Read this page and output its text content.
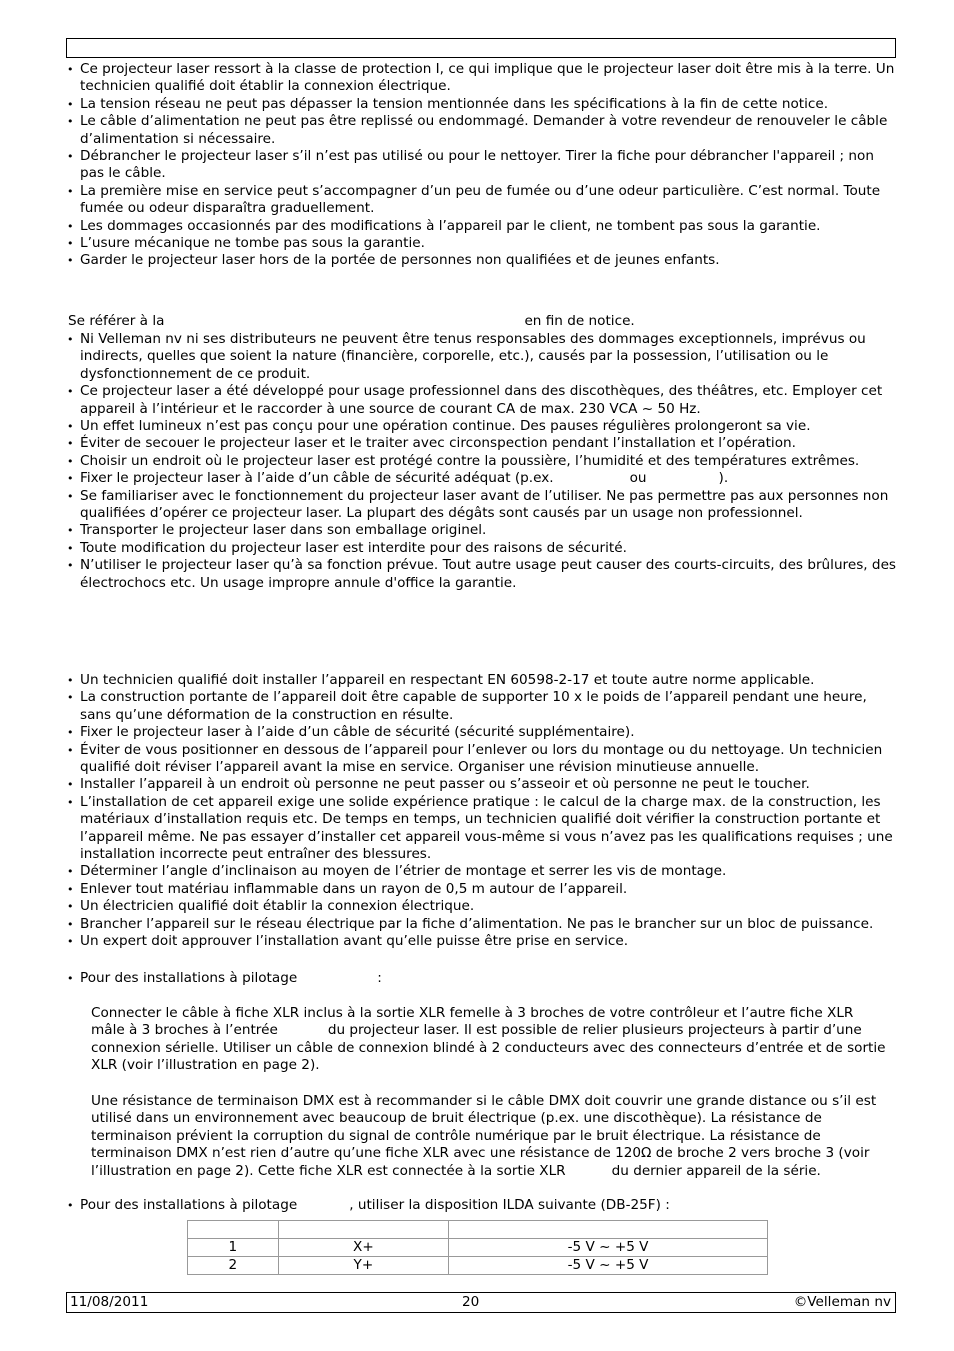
• Ce projecteur laser ressort à la classe de protection I, ce qui implique que le projecteur laser doit être mis à la terre. Un technicien qualifié doit établir la connexion électrique.
• La tension réseau ne peut pas dépasser la tension mentionnée dans les spécifications à la fin de cette notice.
• Le câble d’alimentation ne peut pas être replissé ou endommagé. Demander à votre revendeur de renouveler le câble d’alimentation si nécessaire.
• Débrancher le projecteur laser s’il n’est pas utilisé ou pour le nettoyer. Tirer la fiche pour débrancher l'appareil ; non pas le câble.
• La première mise en service peut s’accompagner d’un peu de fumée ou d’une odeur particulière. C’est normal. Toute fumée ou odeur disparaîtra graduellement.
• Les dommages occasionnés par des modifications à l’appareil par le client, ne tombent pas sous la garantie.
• L’usure mécanique ne tombe pas sous la garantie.
• Garder le projecteur laser hors de la portée de personnes non qualifiées et de jeunes enfants.
Se référer à la	en fin de notice.
• Ni Velleman nv ni ses distributeurs ne peuvent être tenus responsables des dommages exceptionnels, imprévus ou indirects, quelles que soient la nature (financière, corporelle, etc.), causés par la possession, l’utilisation ou le dysfonctionnement de ce produit.
• Ce projecteur laser a été développé pour usage professionnel dans des discothèques, des théâtres, etc. Employer cet appareil à l’intérieur et le raccorder à une source de courant CA de max. 230 VCA ~ 50 Hz.
• Un effet lumineux n’est pas conçu pour une opération continue. Des pauses régulières prolongeront sa vie.
• Éviter de secouer le projecteur laser et le traiter avec circonspection pendant l’installation et l’opération.
• Choisir un endroit où le projecteur laser est protégé contre la poussière, l’humidité et des températures extrêmes.
• Fixer le projecteur laser à l’aide d’un câble de sécurité adéquat (p.ex.	ou	).
• Se familiariser avec le fonctionnement du projecteur laser avant de l’utiliser. Ne pas permettre pas aux personnes non qualifiées d’opérer ce projecteur laser. La plupart des dégâts sont causés par un usage non professionnel.
• Transporter le projecteur laser dans son emballage originel.
• Toute modification du projecteur laser est interdite pour des raisons de sécurité.
• N’utiliser le projecteur laser qu’à sa fonction prévue. Tout autre usage peut causer des courts-circuits, des brûlures, des électrochocs etc. Un usage impropre annule d'office la garantie.
• Un technicien qualifié doit installer l’appareil en respectant EN 60598-2-17 et toute autre norme applicable.
• La construction portante de l’appareil doit être capable de supporter 10 x le poids de l’appareil pendant une heure, sans qu’une déformation de la construction en résulte.
• Fixer le projecteur laser à l’aide d’un câble de sécurité (sécurité supplémentaire).
• Éviter de vous positionner en dessous de l’appareil pour l’enlever ou lors du montage ou du nettoyage. Un technicien qualifié doit réviser l’appareil avant la mise en service. Organiser une révision minutieuse annuelle.
• Installer l’appareil à un endroit où personne ne peut passer ou s’asseoir et où personne ne peut le toucher.
• L’installation de cet appareil exige une solide expérience pratique : le calcul de la charge max. de la construction, les matériaux d’installation requis etc. De temps en temps, un technicien qualifié doit vérifier la construction portante et l’appareil même. Ne pas essayer d’installer cet appareil vous-même si vous n’avez pas les qualifications requises ; une installation incorrecte peut entraîner des blessures.
• Déterminer l’angle d’inclinaison au moyen de l’étrier de montage et serrer les vis de montage.
• Enlever tout matériau inflammable dans un rayon de 0,5 m autour de l’appareil.
• Un électricien qualifié doit établir la connexion électrique.
• Brancher l’appareil sur le réseau électrique par la fiche d’alimentation. Ne pas le brancher sur un bloc de puissance.
• Un expert doit approuver l’installation avant qu’elle puisse être prise en service.
• Pour des installations à pilotage	:

Connecter le câble à fiche XLR inclus à la sortie XLR femelle à 3 broches de votre contrôleur et l’autre fiche XLR mâle à 3 broches à l’entrée	du projecteur laser. Il est possible de relier plusieurs projecteurs à partir d’une connexion sérielle. Utiliser un câble de connexion blindé à 2 conducteurs avec des connecteurs d’entrée et de sortie XLR (voir l’illustration en page 2).

Une résistance de terminaison DMX est à recommander si le câble DMX doit couvrir une grande distance ou s’il est utilisé dans un environnement avec beaucoup de bruit électrique (p.ex. une discothèque). La résistance de terminaison prévient la corruption du signal de contrôle numérique par le bruit électrique. La résistance de terminaison DMX n’est rien d’autre qu’une fiche XLR avec une résistance de 120Ω de broche 2 vers broche 3 (voir l’illustration en page 2). Cette fiche XLR est connectée à la sortie XLR	du dernier appareil de la série.

• Pour des installations à pilotage	, utiliser la disposition ILDA suivante (DB-25F) :

1	X+	-5 V ~ +5 V
2	Y+	-5 V ~ +5 V
11/08/2011	20	©Velleman nv
